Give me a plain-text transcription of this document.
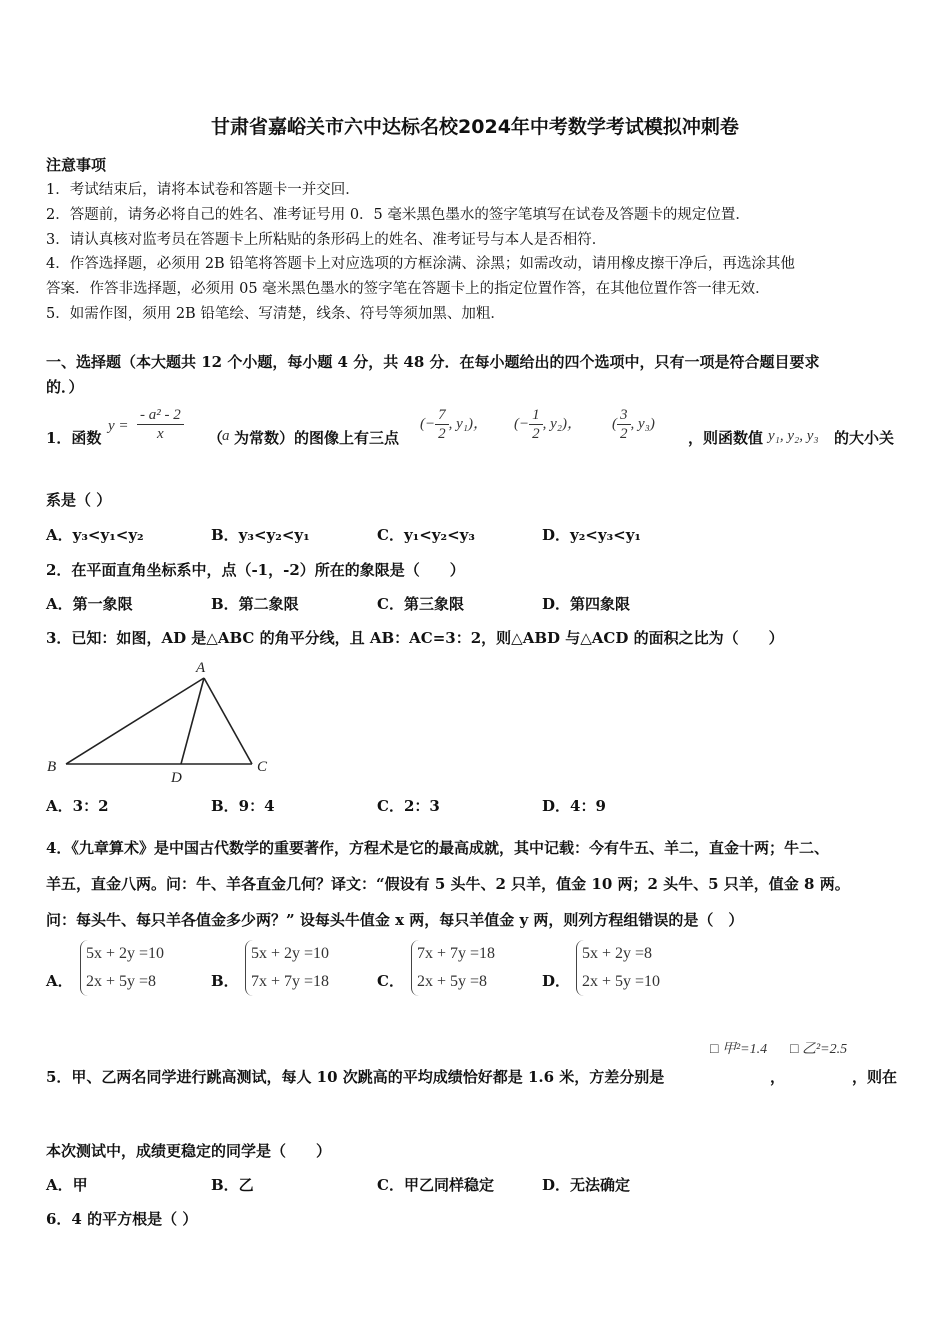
甘肃省嘉峪关市六中达标名校2024年中考数学考试模拟冲刺卷
注意事项
1．考试结束后，请将本试卷和答题卡一并交回．
2．答题前，请务必将自己的姓名、准考证号用 0．5 毫米黑色墨水的签字笔填写在试卷及答题卡的规定位置．
3．请认真核对监考员在答题卡上所粘贴的条形码上的姓名、准考证号与本人是否相符．
4．作答选择题，必须用 2B 铅笔将答题卡上对应选项的方框涂满、涂黑；如需改动，请用橡皮擦干净后，再选涂其他
答案．作答非选择题，必须用 05 毫米黑色墨水的签字笔在答题卡上的指定位置作答，在其他位置作答一律无效．
5．如需作图，须用 2B 铅笔绘、写清楚，线条、符号等须加黑、加粗．
一、选择题（本大题共 12 个小题，每小题 4 分，共 48 分．在每小题给出的四个选项中，只有一项是符合题目要求
的．）
1．函数
$y = \frac{\text{- a² - 2}}{x}$ （
a 为常数）的图像上有三点
(− $\frac{7}{2}$ , y₁)， (− $\frac{1}{2}$ , y₂)， ( $\frac{3}{2}$ , y₃)
，则函数值 y₁, y₂, y₃ 的大小关
系是（ ）
A．y₃<y₁<y₂	B．y₃<y₂<y₁	C．y₁<y₂<y₃	D．y₂<y₃<y₁
2．在平面直角坐标系中，点（-1，-2）所在的象限是（　　）
A．第一象限	B．第二象限	C．第三象限	D．第四象限
3．已知：如图，AD 是△ABC 的角平分线，且 AB：AC=3：2，则△ABD 与△ACD 的面积之比为（　　）
A
B	C
D
A．3：2	B．9：4	C．2：3	D．4：9
4．《九章算术》是中国古代数学的重要著作，方程术是它的最高成就，其中记载：今有牛五、羊二，直金十两；牛二、
羊五，直金八两。问：牛、羊各直金几何？译文：“假设有 5 头牛、2 只羊，值金 10 两；2 头牛、5 只羊，值金 8 两。
问：每头牛、每只羊各值金多少两？” 设每头牛值金 x 两，每只羊值金 y 两，则列方程组错误的是（　）
A．
5x + 2y =10
2x + 5y =8	B．
5x + 2y =10
7x + 7y =18	C．
7x + 7y =18
2x + 5y =8	D．
5x + 2y =8
2x + 5y =10
□ 甲²=1.4 □ 乙²=2.5
5．甲、乙两名同学进行跳高测试，每人 10 次跳高的平均成绩恰好都是 1.6 米，方差分别是	，	，则在
本次测试中，成绩更稳定的同学是（　　）
A．甲	B．乙	C．甲乙同样稳定	D．无法确定
6．4 的平方根是（ ）
